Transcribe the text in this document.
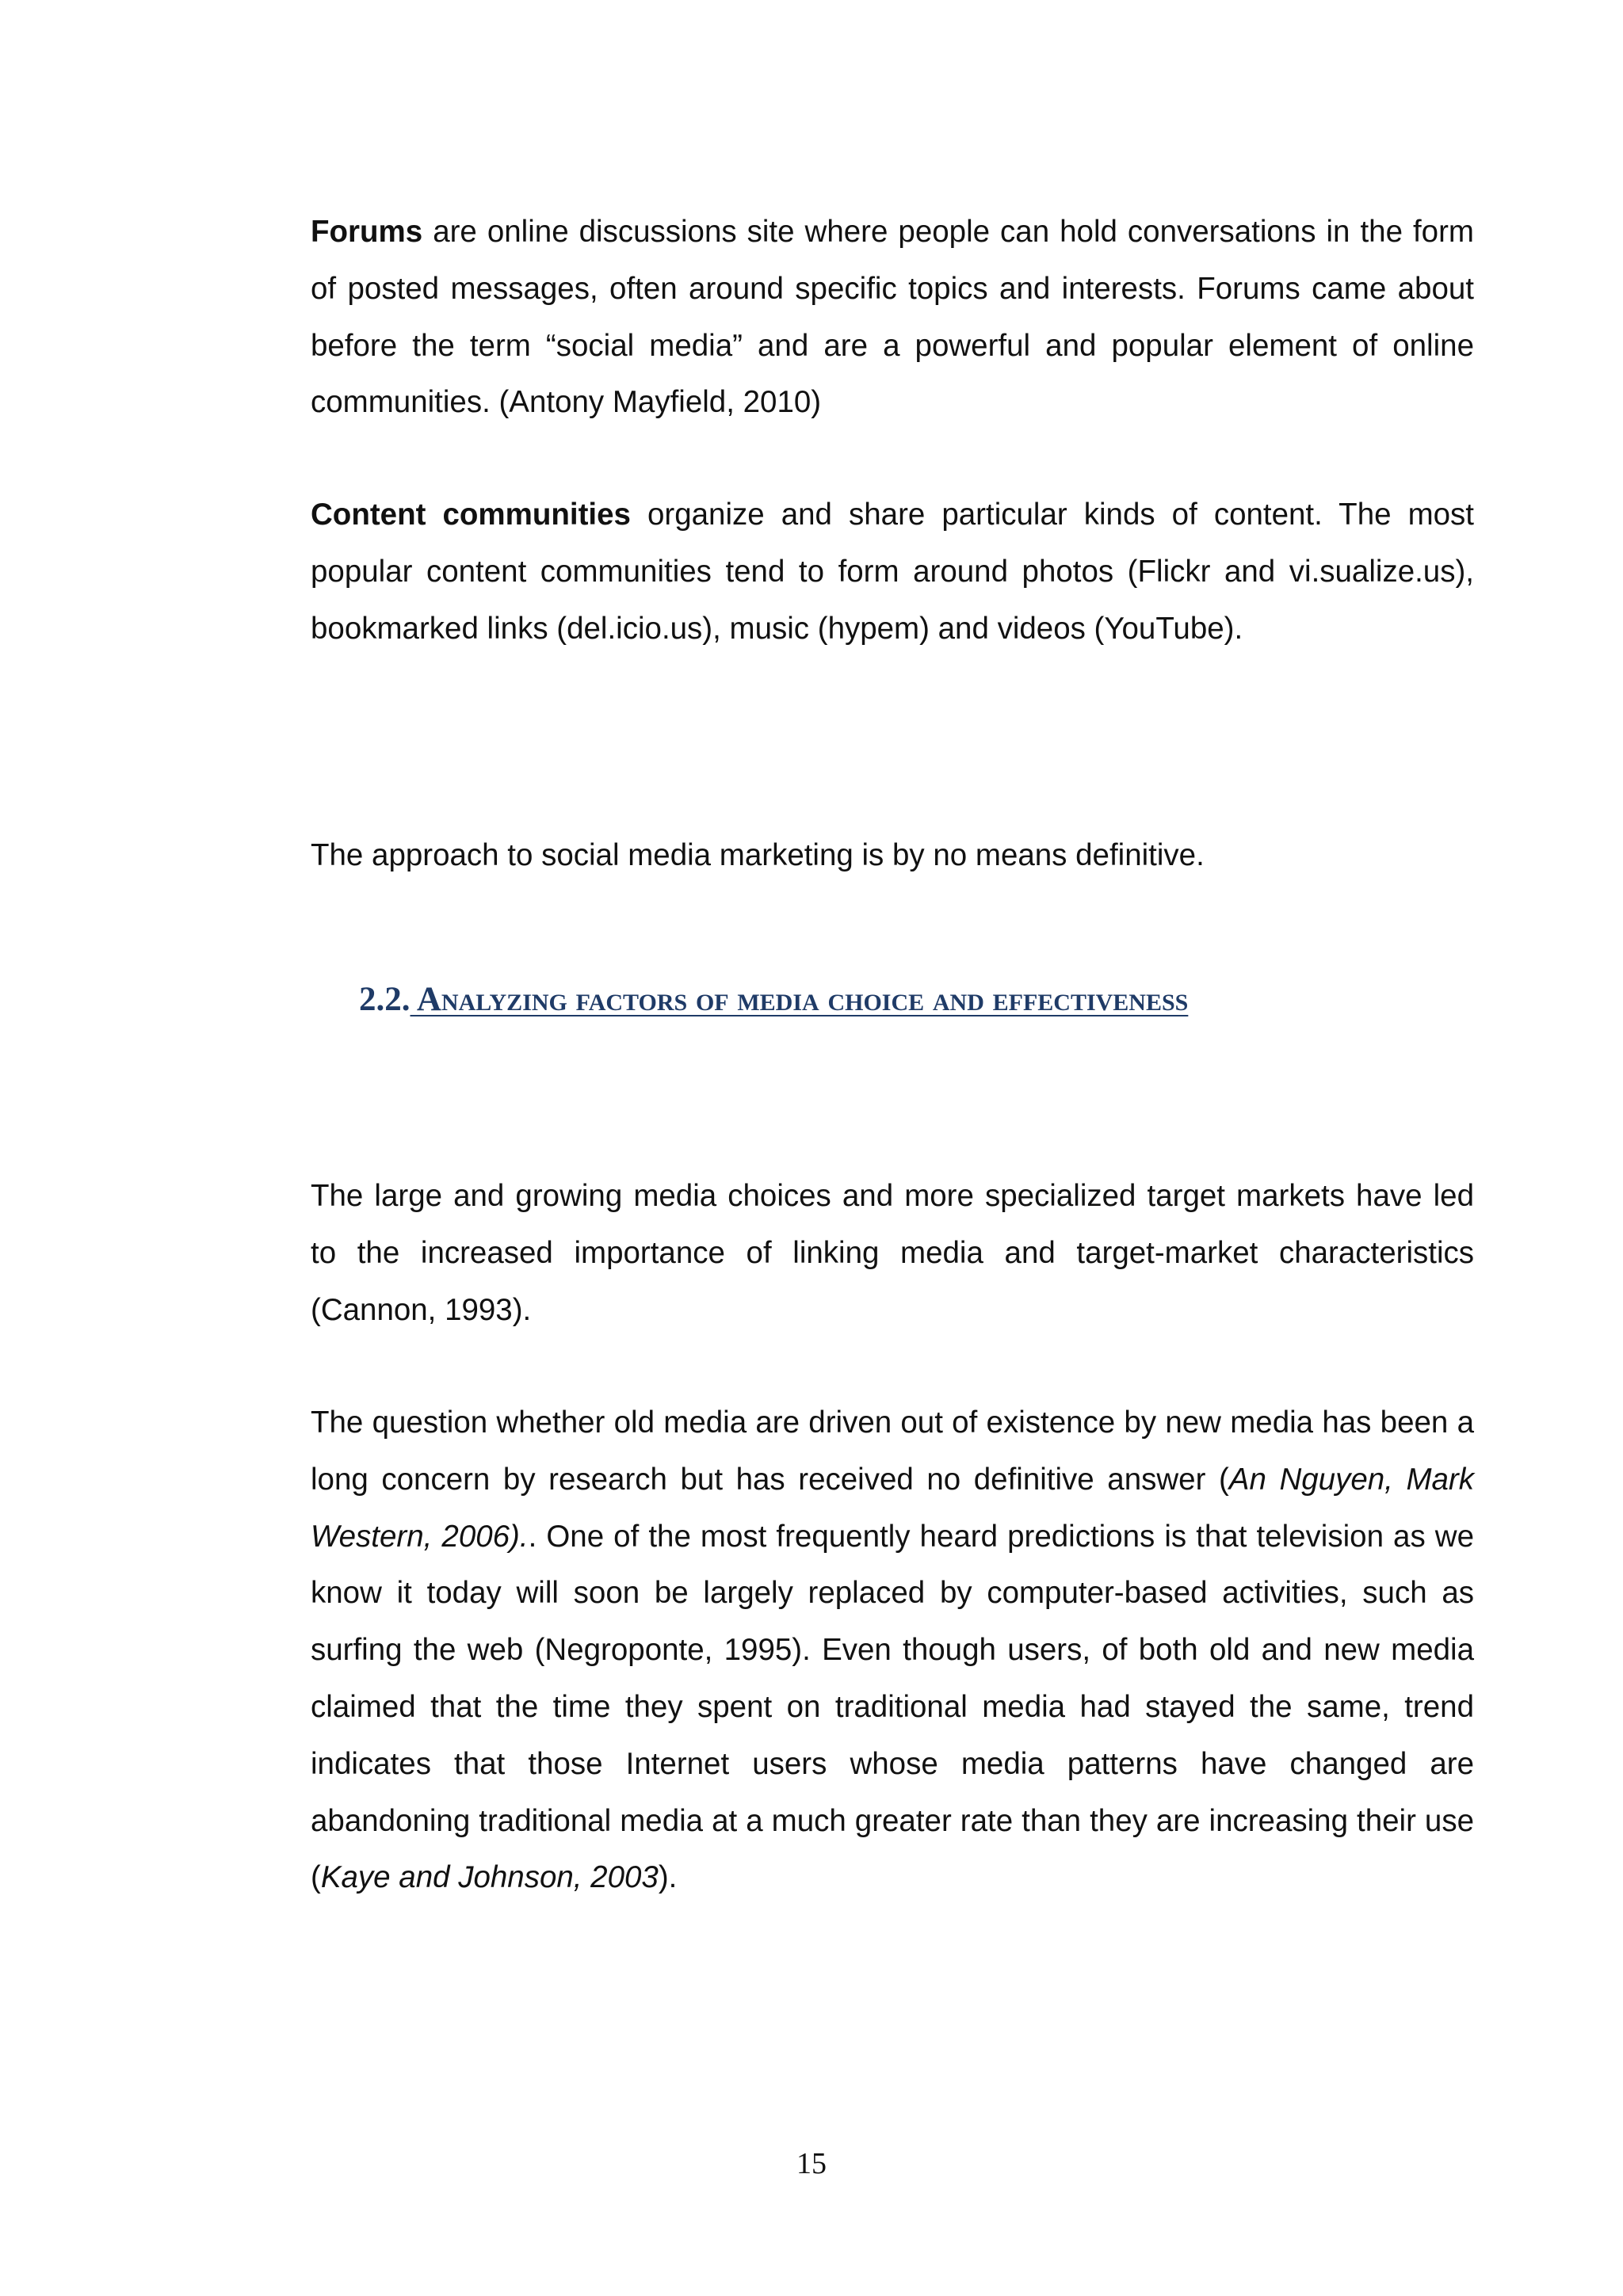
Forums are online discussions site where people can hold conversations in the form of posted messages, often around specific topics and interests. Forums came about before the term “social media” and are a powerful and popular element of online communities. (Antony Mayfield, 2010)

Content communities organize and share particular kinds of content. The most popular content communities tend to form around photos (Flickr and vi.sualize.us), bookmarked links (del.icio.us), music (hypem) and videos (YouTube).

The approach to social media marketing is by no means definitive.

2.2. Analyzing factors of media choice and effectiveness

The large and growing media choices and more specialized target markets have led to the increased importance of linking media and target-market characteristics (Cannon, 1993).

The question whether old media are driven out of existence by new media has been a long concern by research but has received no definitive answer (An Nguyen, Mark Western, 2006).. One of the most frequently heard predictions is that television as we know it today will soon be largely replaced by computer-based activities, such as surfing the web (Negroponte, 1995). Even though users, of both old and new media claimed that the time they spent on traditional media had stayed the same, trend indicates that those Internet users whose media patterns have changed are abandoning traditional media at a much greater rate than they are increasing their use (Kaye and Johnson, 2003).

15
